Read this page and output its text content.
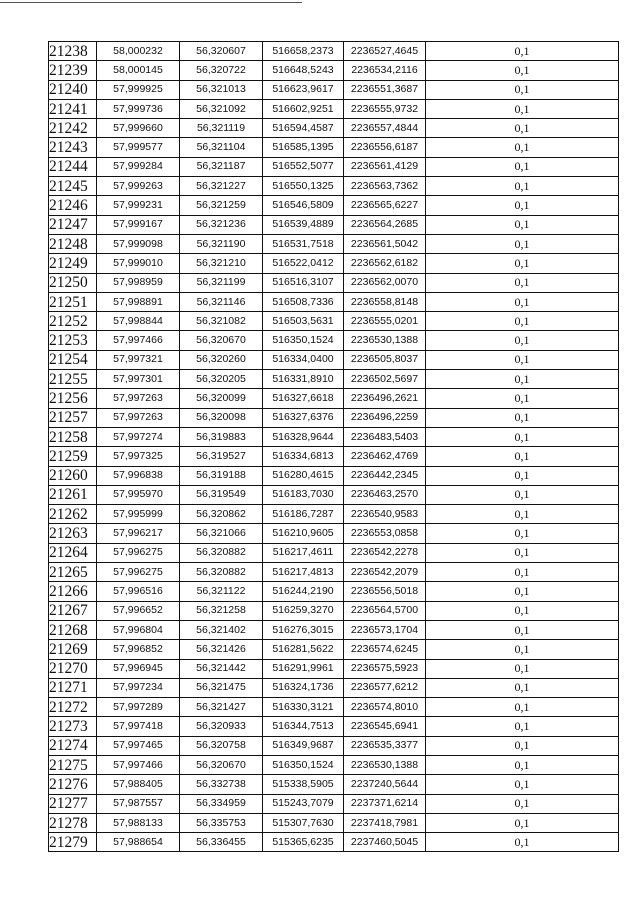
21238	58,000232	56,320607	516658,2373	2236527,4645	0,1
21239	58,000145	56,320722	516648,5243	2236534,2116	0,1
21240	57,999925	56,321013	516623,9617	2236551,3687	0,1
21241	57,999736	56,321092	516602,9251	2236555,9732	0,1
21242	57,999660	56,321119	516594,4587	2236557,4844	0,1
21243	57,999577	56,321104	516585,1395	2236556,6187	0,1
21244	57,999284	56,321187	516552,5077	2236561,4129	0,1
21245	57,999263	56,321227	516550,1325	2236563,7362	0,1
21246	57,999231	56,321259	516546,5809	2236565,6227	0,1
21247	57,999167	56,321236	516539,4889	2236564,2685	0,1
21248	57,999098	56,321190	516531,7518	2236561,5042	0,1
21249	57,999010	56,321210	516522,0412	2236562,6182	0,1
21250	57,998959	56,321199	516516,3107	2236562,0070	0,1
21251	57,998891	56,321146	516508,7336	2236558,8148	0,1
21252	57,998844	56,321082	516503,5631	2236555,0201	0,1
21253	57,997466	56,320670	516350,1524	2236530,1388	0,1
21254	57,997321	56,320260	516334,0400	2236505,8037	0,1
21255	57,997301	56,320205	516331,8910	2236502,5697	0,1
21256	57,997263	56,320099	516327,6618	2236496,2621	0,1
21257	57,997263	56,320098	516327,6376	2236496,2259	0,1
21258	57,997274	56,319883	516328,9644	2236483,5403	0,1
21259	57,997325	56,319527	516334,6813	2236462,4769	0,1
21260	57,996838	56,319188	516280,4615	2236442,2345	0,1
21261	57,995970	56,319549	516183,7030	2236463,2570	0,1
21262	57,995999	56,320862	516186,7287	2236540,9583	0,1
21263	57,996217	56,321066	516210,9605	2236553,0858	0,1
21264	57,996275	56,320882	516217,4611	2236542,2278	0,1
21265	57,996275	56,320882	516217,4813	2236542,2079	0,1
21266	57,996516	56,321122	516244,2190	2236556,5018	0,1
21267	57,996652	56,321258	516259,3270	2236564,5700	0,1
21268	57,996804	56,321402	516276,3015	2236573,1704	0,1
21269	57,996852	56,321426	516281,5622	2236574,6245	0,1
21270	57,996945	56,321442	516291,9961	2236575,5923	0,1
21271	57,997234	56,321475	516324,1736	2236577,6212	0,1
21272	57,997289	56,321427	516330,3121	2236574,8010	0,1
21273	57,997418	56,320933	516344,7513	2236545,6941	0,1
21274	57,997465	56,320758	516349,9687	2236535,3377	0,1
21275	57,997466	56,320670	516350,1524	2236530,1388	0,1
21276	57,988405	56,332738	515338,5905	2237240,5644	0,1
21277	57,987557	56,334959	515243,7079	2237371,6214	0,1
21278	57,988133	56,335753	515307,7630	2237418,7981	0,1
21279	57,988654	56,336455	515365,6235	2237460,5045	0,1
